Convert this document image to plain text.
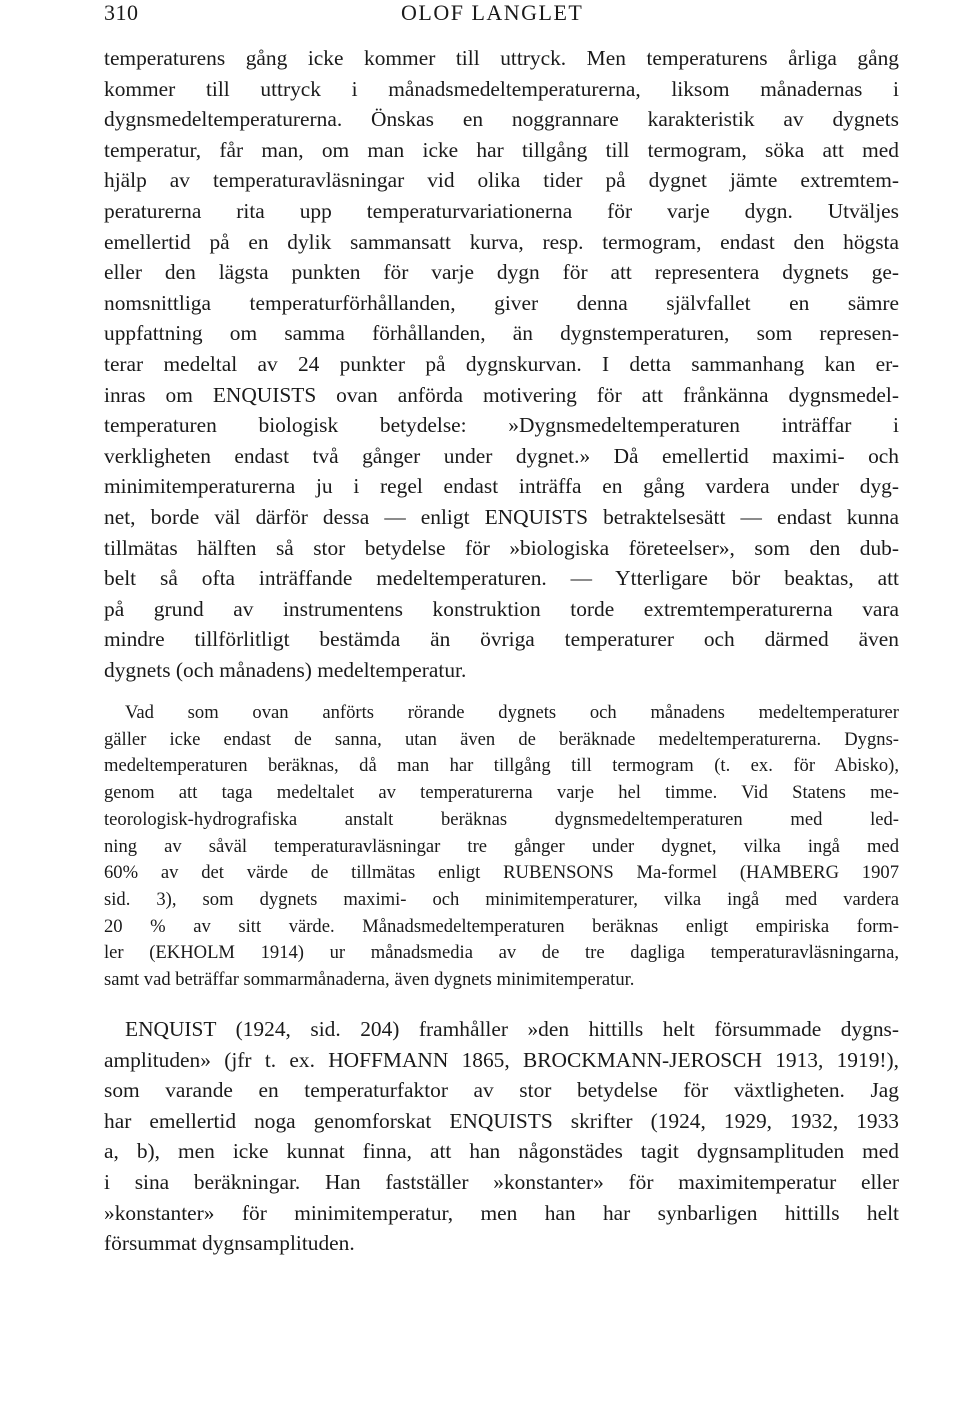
310	OLOF LANGLET
temperaturens gång icke kommer till uttryck. Men temperaturens årliga gång
kommer till uttryck i månadsmedeltemperaturerna, liksom månadernas i
dygnsmedeltemperaturerna. Önskas en noggrannare karakteristik av dygnets
temperatur, får man, om man icke har tillgång till termogram, söka att med
hjälp av temperaturavläsningar vid olika tider på dygnet jämte extremtem-
peraturerna rita upp temperaturvariationerna för varje dygn. Utväljes
emellertid på en dylik sammansatt kurva, resp. termogram, endast den högsta
eller den lägsta punkten för varje dygn för att representera dygnets ge-
nomsnittliga temperaturförhållanden, giver denna självfallet en sämre
uppfattning om samma förhållanden, än dygnstemperaturen, som represen-
terar medeltal av 24 punkter på dygnskurvan. I detta sammanhang kan er-
inras om ENQUISTS ovan anförda motivering för att frånkänna dygnsmedel-
temperaturen biologisk betydelse: »Dygnsmedeltemperaturen inträffar i
verkligheten endast två gånger under dygnet.» Då emellertid maximi- och
minimitemperaturerna ju i regel endast inträffa en gång vardera under dyg-
net, borde väl därför dessa — enligt ENQUISTS betraktelsesätt — endast kunna
tillmätas hälften så stor betydelse för »biologiska företeelser», som den dub-
belt så ofta inträffande medeltemperaturen. — Ytterligare bör beaktas, att
på grund av instrumentens konstruktion torde extremtemperaturerna vara
mindre tillförlitligt bestämda än övriga temperaturer och därmed även
dygnets (och månadens) medeltemperatur.
Vad som ovan anförts rörande dygnets och månadens medeltemperaturer
gäller icke endast de sanna, utan även de beräknade medeltemperaturerna. Dygns-
medeltemperaturen beräknas, då man har tillgång till termogram (t. ex. för Abisko),
genom att taga medeltalet av temperaturerna varje hel timme. Vid Statens me-
teorologisk-hydrografiska anstalt beräknas dygnsmedeltemperaturen med led-
ning av såväl temperaturavläsningar tre gånger under dygnet, vilka ingå med
60% av det värde de tillmätas enligt RUBENSONS Ma-formel (HAMBERG 1907
sid. 3), som dygnets maximi- och minimitemperaturer, vilka ingå med vardera
20 % av sitt värde. Månadsmedeltemperaturen beräknas enligt empiriska form-
ler (EKHOLM 1914) ur månadsmedia av de tre dagliga temperaturavläsningarna,
samt vad beträffar sommarmånaderna, även dygnets minimitemperatur.
ENQUIST (1924, sid. 204) framhåller »den hittills helt försummade dygns-
amplituden» (jfr t. ex. HOFFMANN 1865, BROCKMANN-JEROSCH 1913, 1919!),
som varande en temperaturfaktor av stor betydelse för växtligheten. Jag
har emellertid noga genomforskat ENQUISTS skrifter (1924, 1929, 1932, 1933
a, b), men icke kunnat finna, att han någonstädes tagit dygnsamplituden med
i sina beräkningar. Han fastställer »konstanter» för maximitemperatur eller
»konstanter» för minimitemperatur, men han har synbarligen hittills helt
försummat dygnsamplituden.
